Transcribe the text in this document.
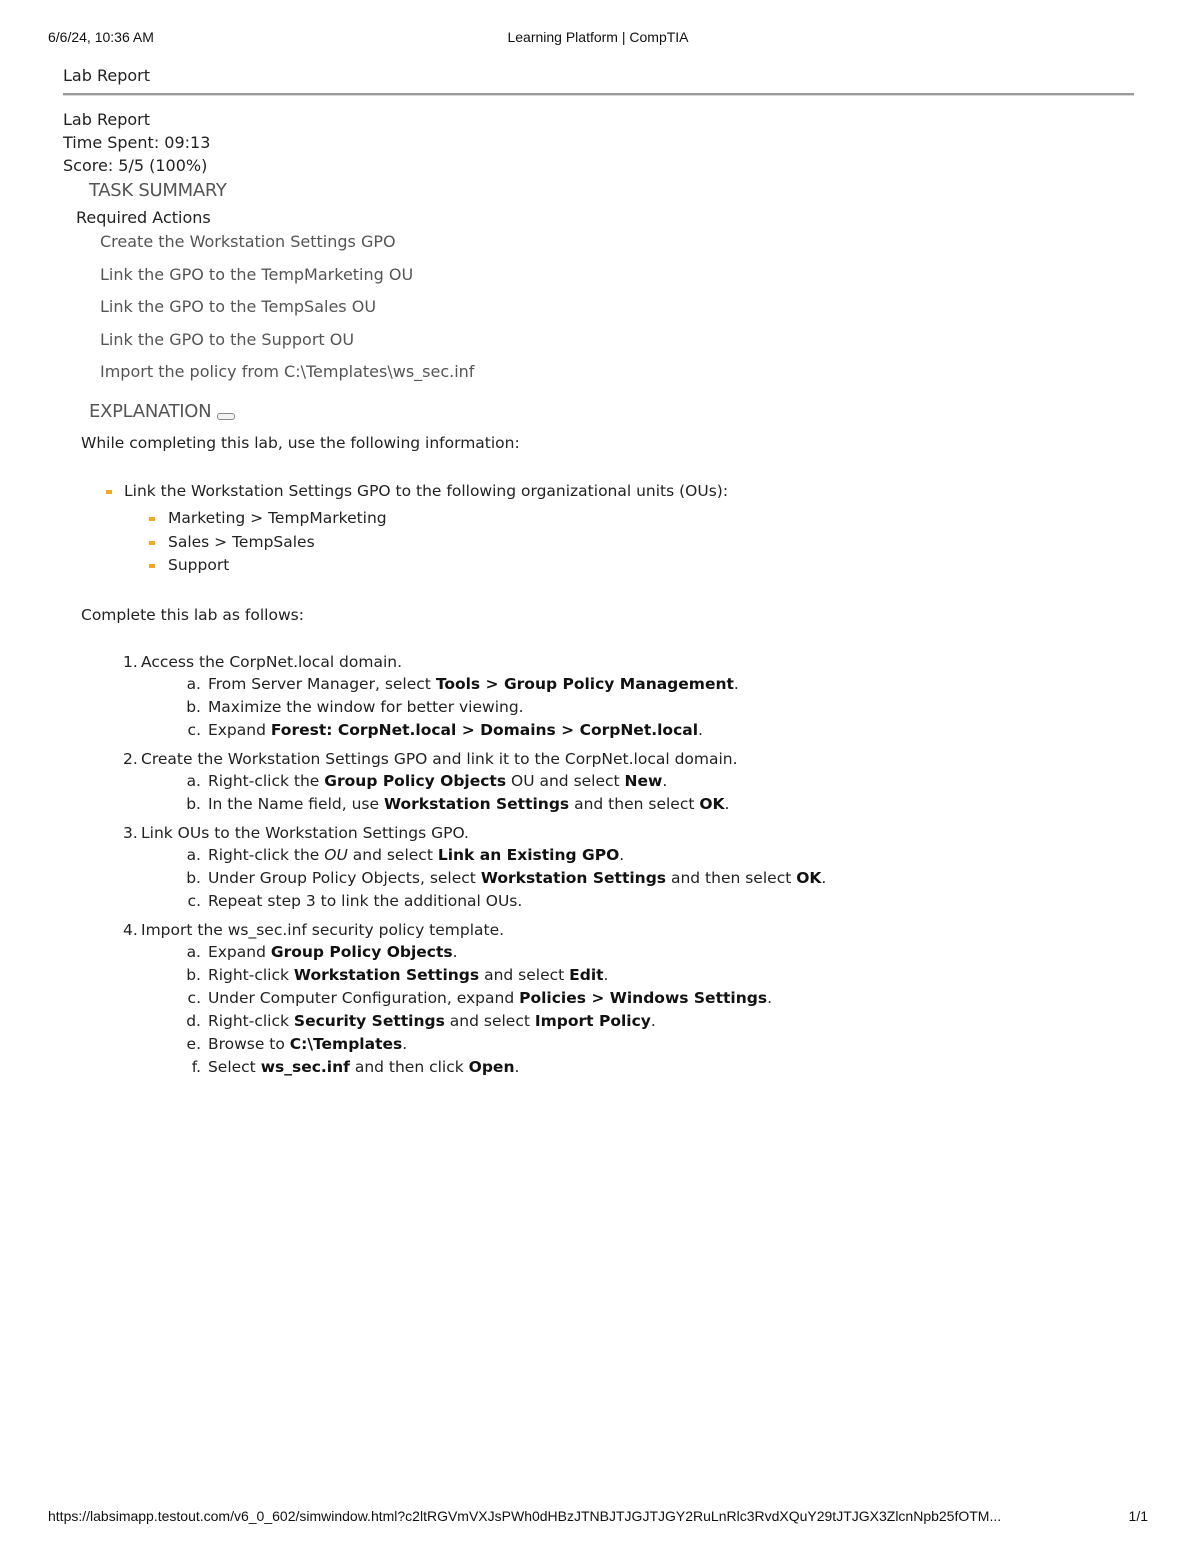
6/6/24, 10:36 AM	Learning Platform | CompTIA
Lab Report
Lab Report
Time Spent: 09:13
Score: 5/5 (100%)
TASK SUMMARY
Required Actions
Create the Workstation Settings GPO
Link the GPO to the TempMarketing OU
Link the GPO to the TempSales OU
Link the GPO to the Support OU
Import the policy from C:\Templates\ws_sec.inf
EXPLANATION
While completing this lab, use the following information:
Link the Workstation Settings GPO to the following organizational units (OUs):
Marketing > TempMarketing
Sales > TempSales
Support
Complete this lab as follows:
1. Access the CorpNet.local domain.
a. From Server Manager, select Tools > Group Policy Management.
b. Maximize the window for better viewing.
c. Expand Forest: CorpNet.local > Domains > CorpNet.local.
2. Create the Workstation Settings GPO and link it to the CorpNet.local domain.
a. Right-click the Group Policy Objects OU and select New.
b. In the Name field, use Workstation Settings and then select OK.
3. Link OUs to the Workstation Settings GPO.
a. Right-click the OU and select Link an Existing GPO.
b. Under Group Policy Objects, select Workstation Settings and then select OK.
c. Repeat step 3 to link the additional OUs.
4. Import the ws_sec.inf security policy template.
a. Expand Group Policy Objects.
b. Right-click Workstation Settings and select Edit.
c. Under Computer Configuration, expand Policies > Windows Settings.
d. Right-click Security Settings and select Import Policy.
e. Browse to C:\Templates.
f. Select ws_sec.inf and then click Open.
https://labsimapp.testout.com/v6_0_602/simwindow.html?c2ltRGVmVXJsPWh0dHBzJTNBJTJGJTJGY2RuLnRlc3RvdXQuY29tJTJGX3ZlcnNpb25fOTM...	1/1
